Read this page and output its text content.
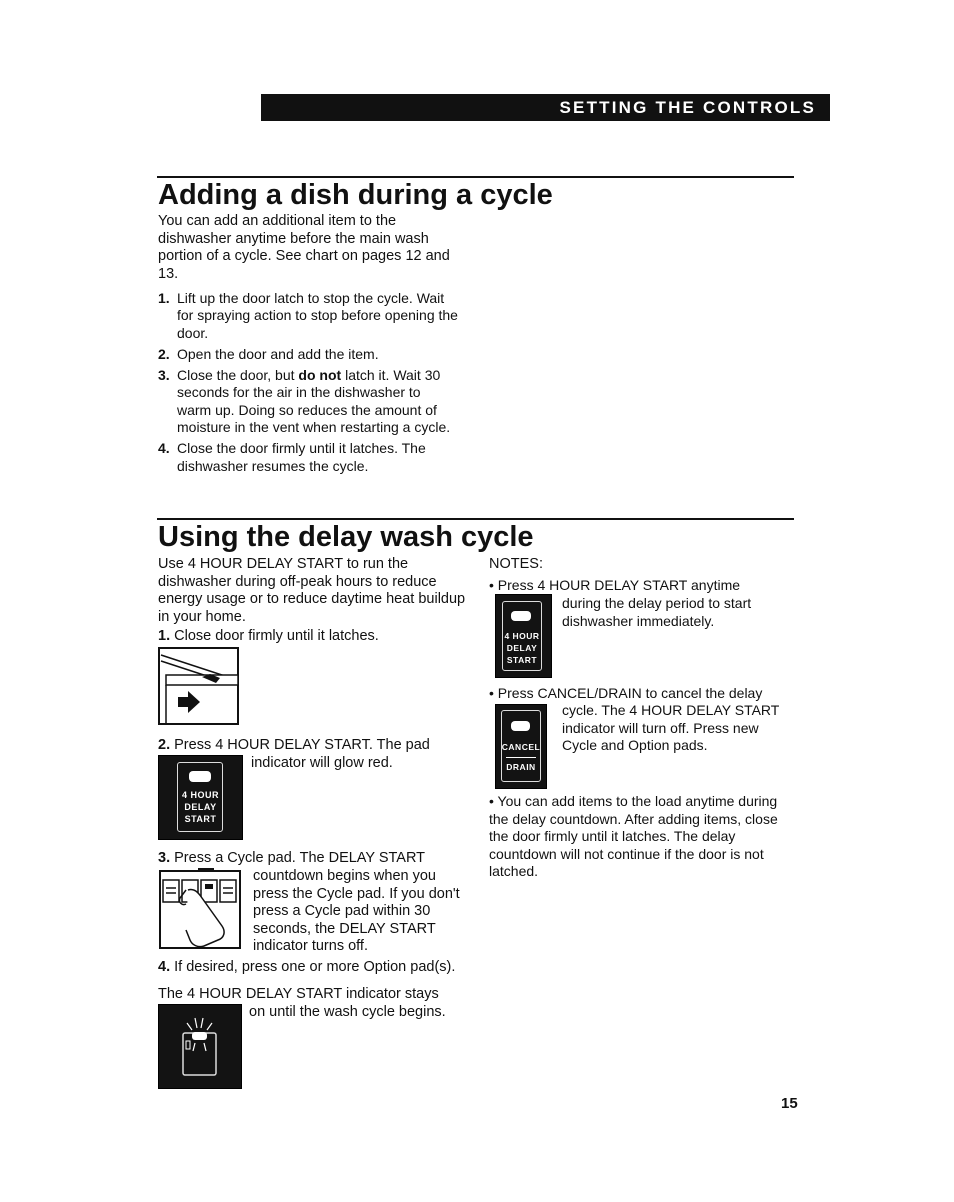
SETTING THE CONTROLS
Adding a dish during a cycle

You can add an additional item to the dishwasher anytime before the main wash portion of a cycle. See chart on pages 12 and 13.

1. Lift up the door latch to stop the cycle. Wait for spraying action to stop before opening the door.
2. Open the door and add the item.
3. Close the door, but do not latch it. Wait 30 seconds for the air in the dishwasher to warm up. Doing so reduces the amount of moisture in the vent when restarting a cycle.
4. Close the door firmly until it latches. The dishwasher resumes the cycle.
Using the delay wash cycle

Use 4 HOUR DELAY START to run the dishwasher during off-peak hours to reduce energy usage or to reduce daytime heat buildup in your home.

1. Close door firmly until it latches.
2. Press 4 HOUR DELAY START. The pad
indicator will glow red.
4 HOUR
DELAY
START
3. Press a Cycle pad. The DELAY START
countdown begins when you press the Cycle pad. If you don't press a Cycle pad within 30 seconds, the DELAY START indicator turns off.
4. If desired, press one or more Option pad(s).
The 4 HOUR DELAY START indicator stays
on until the wash cycle begins.
NOTES:
• Press 4 HOUR DELAY START anytime
during the delay period to start dishwasher immediately.
4 HOUR
DELAY
START
• Press CANCEL/DRAIN to cancel the delay
cycle. The 4 HOUR DELAY START indicator will turn off. Press new Cycle and Option pads.
CANCEL
DRAIN
• You can add items to the load anytime during the delay countdown. After adding items, close the door firmly until it latches. The delay countdown will not continue if the door is not latched.
15
